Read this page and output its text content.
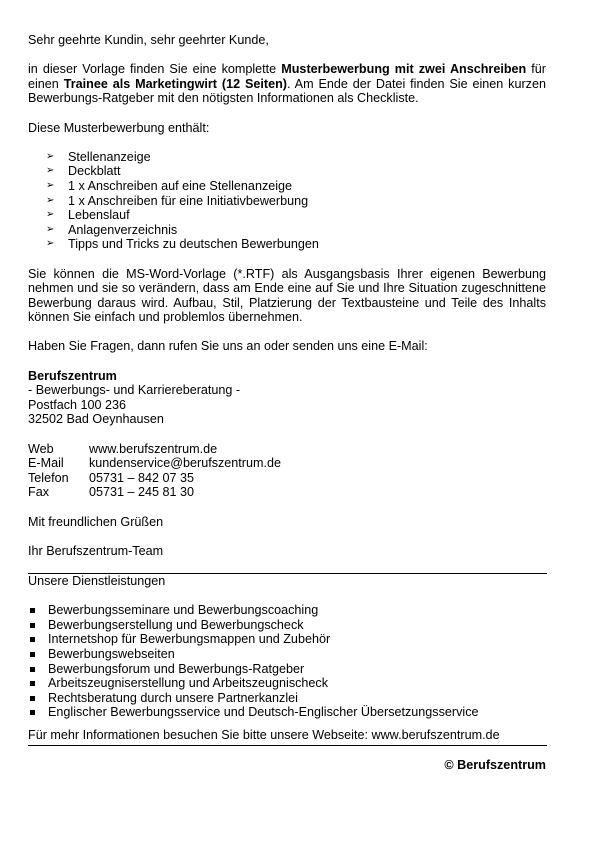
Sehr geehrte Kundin, sehr geehrter Kunde,

in dieser Vorlage finden Sie eine komplette Musterbewerbung mit zwei Anschreiben für einen Trainee als Marketingwirt (12 Seiten). Am Ende der Datei finden Sie einen kurzen Bewerbungs-Ratgeber mit den nötigsten Informationen als Checkliste.

Diese Musterbewerbung enthält:

➢ Stellenanzeige
➢ Deckblatt
➢ 1 x Anschreiben auf eine Stellenanzeige
➢ 1 x Anschreiben für eine Initiativbewerbung
➢ Lebenslauf
➢ Anlagenverzeichnis
➢ Tipps und Tricks zu deutschen Bewerbungen

Sie können die MS-Word-Vorlage (*.RTF) als Ausgangsbasis Ihrer eigenen Bewerbung nehmen und sie so verändern, dass am Ende eine auf Sie und Ihre Situation zugeschnittene Bewerbung daraus wird. Aufbau, Stil, Platzierung der Textbausteine und Teile des Inhalts können Sie einfach und problemlos übernehmen.

Haben Sie Fragen, dann rufen Sie uns an oder senden uns eine E-Mail:

Berufszentrum

- Bewerbungs- und Karriereberatung -

Postfach 100 236

32502 Bad Oeynhausen

Web	www.berufszentrum.de
E-Mail	kundenservice@berufszentrum.de
Telefon	05731 – 842 07 35
Fax	05731 – 245 81 30

Mit freundlichen Grüßen

Ihr Berufszentrum-Team

Unsere Dienstleistungen

Bewerbungsseminare und Bewerbungscoaching
Bewerbungserstellung und Bewerbungscheck
Internetshop für Bewerbungsmappen und Zubehör
Bewerbungswebseiten
Bewerbungsforum und Bewerbungs-Ratgeber
Arbeitszeugniserstellung und Arbeitszeugnischeck
Rechtsberatung durch unsere Partnerkanzlei
Englischer Bewerbungsservice und Deutsch-Englischer Übersetzungsservice

Für mehr Informationen besuchen Sie bitte unsere Webseite: www.berufszentrum.de

© Berufszentrum
